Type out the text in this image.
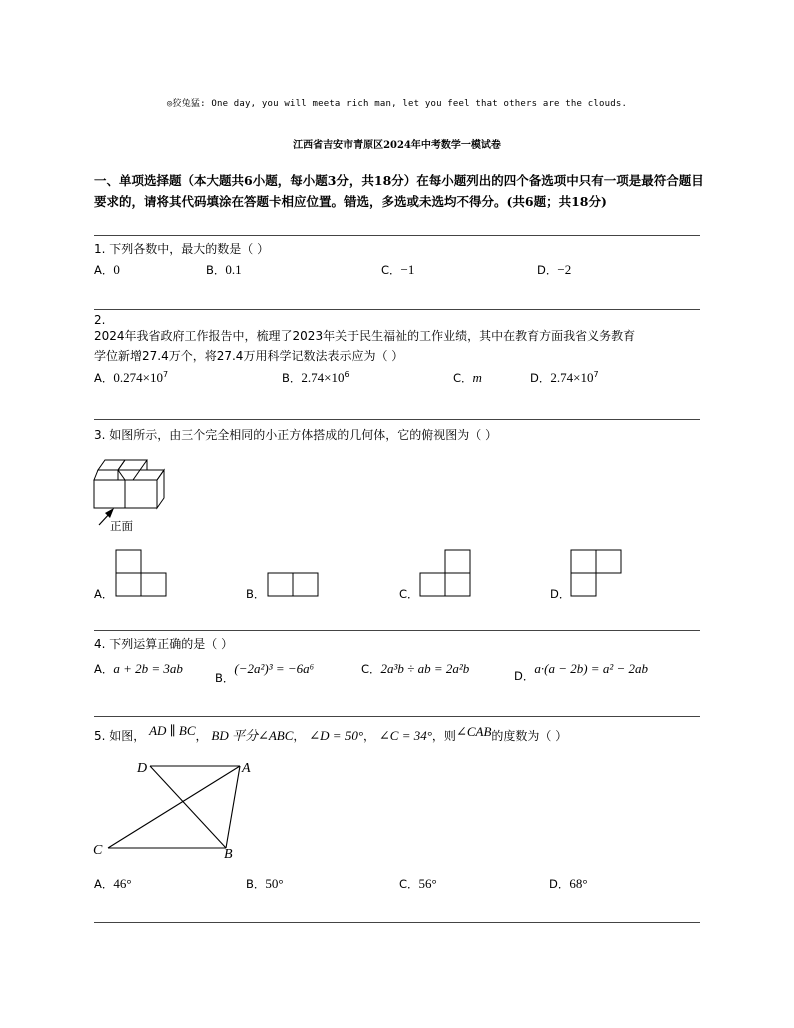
◎狡兔猛: One day, you will meeta rich man, let you feel that others are the clouds.
江西省吉安市青原区2024年中考数学一模试卷
一、单项选择题（本大题共6小题，每小题3分，共18分）在每小题列出的四个备选项中只有一项是最符合题目要求的，请将其代码填涂在答题卡相应位置。错选，多选或未选均不得分。(共6题；共18分)
1. 下列各数中，最大的数是（ ）
A．0	B．0.1	C．−1	D．−2
2.
2024年我省政府工作报告中，梳理了2023年关于民生福祉的工作业绩，其中在教育方面我省义务教育
学位新增27.4万个，将27.4万用科学记数法表示应为（ ）
A．$0.274\times 10^7$	B．$2.74\times 10^6$	C．m	D．$2.74\times 10^7$
3. 如图所示，由三个完全相同的小正方体搭成的几何体，它的俯视图为（ ）
正面
A．	B．	C．	D．
4. 下列运算正确的是（ ）
A．a + 2b = 3ab
B．(−2a²)³ = −6a⁶	C．2a³b ÷ ab = 2a²b	D．a·(a − 2b) = a² − 2ab
5. 如图， AD ∥ BC， BD 平分∠ABC， ∠D = 50°， ∠C = 34°，则∠CAB的度数为（ ）
D	A
C	B
A．46°	B．50°	C．56°	D．68°
